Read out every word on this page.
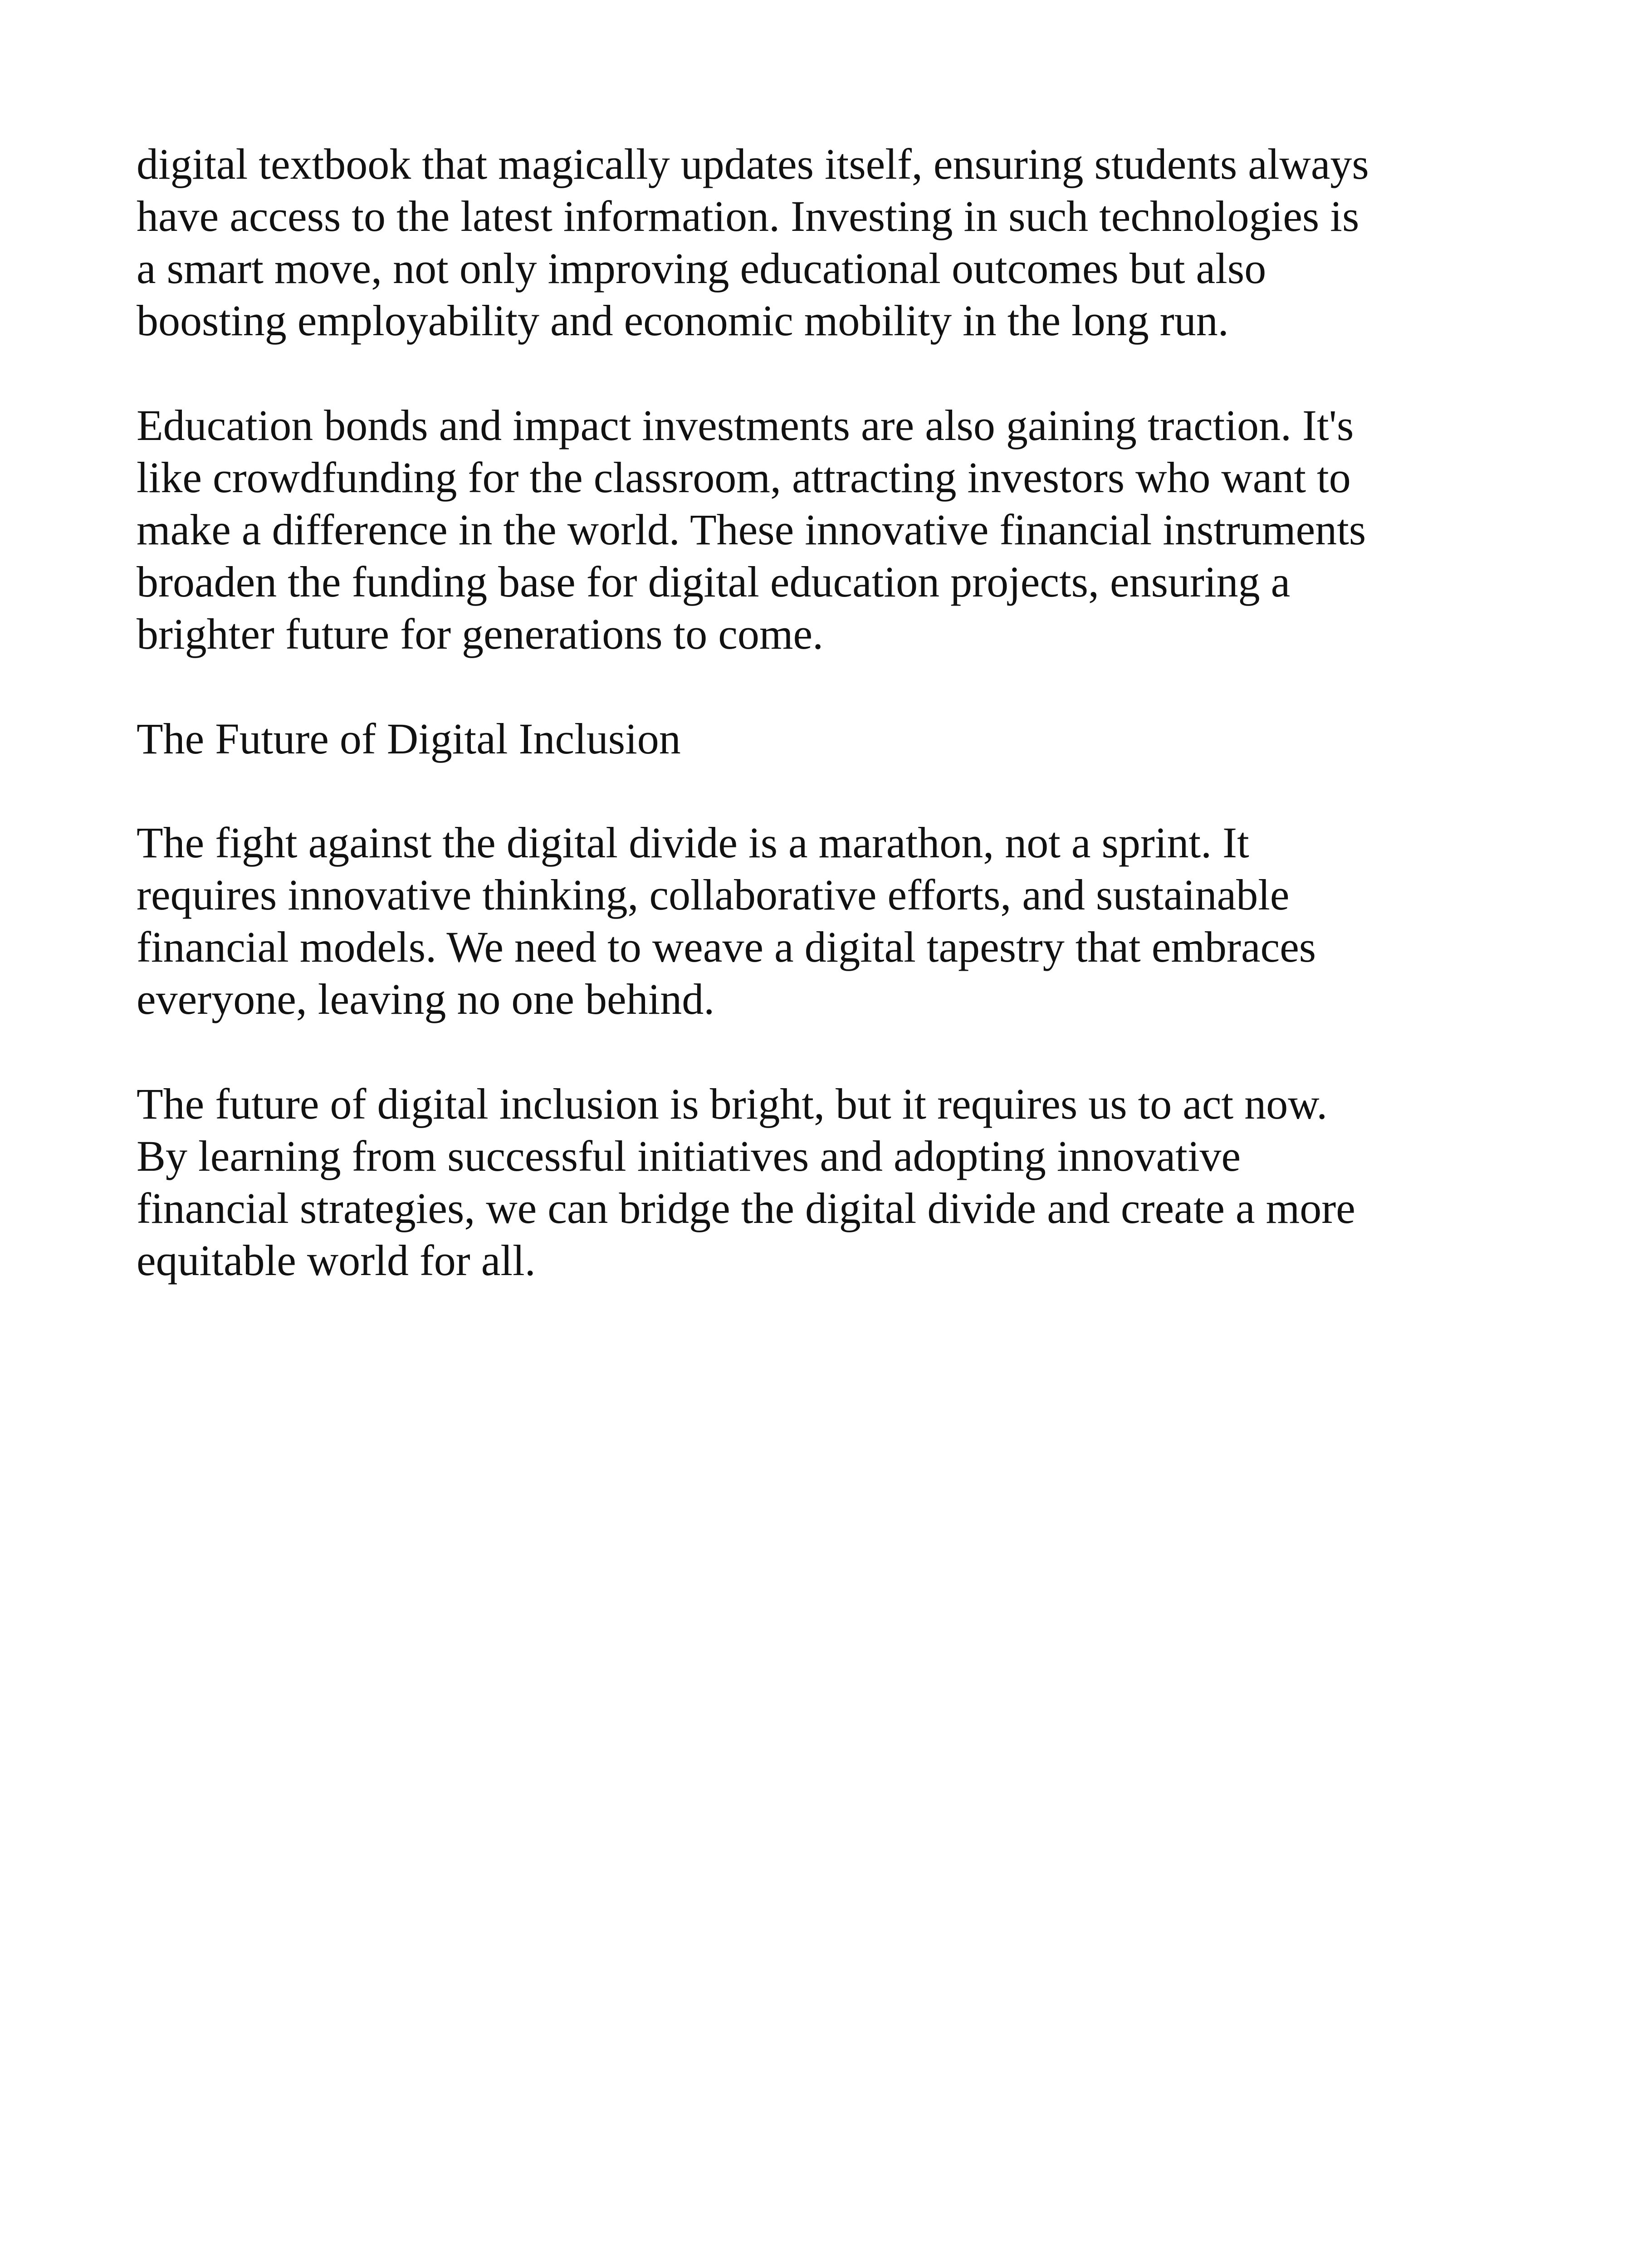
digital textbook that magically updates itself, ensuring students always
have access to the latest information. Investing in such technologies is
a smart move, not only improving educational outcomes but also
boosting employability and economic mobility in the long run.

Education bonds and impact investments are also gaining traction. It's
like crowdfunding for the classroom, attracting investors who want to
make a difference in the world. These innovative financial instruments
broaden the funding base for digital education projects, ensuring a
brighter future for generations to come.

The Future of Digital Inclusion

The fight against the digital divide is a marathon, not a sprint. It
requires innovative thinking, collaborative efforts, and sustainable
financial models. We need to weave a digital tapestry that embraces
everyone, leaving no one behind.

The future of digital inclusion is bright, but it requires us to act now.
By learning from successful initiatives and adopting innovative
financial strategies, we can bridge the digital divide and create a more
equitable world for all.
